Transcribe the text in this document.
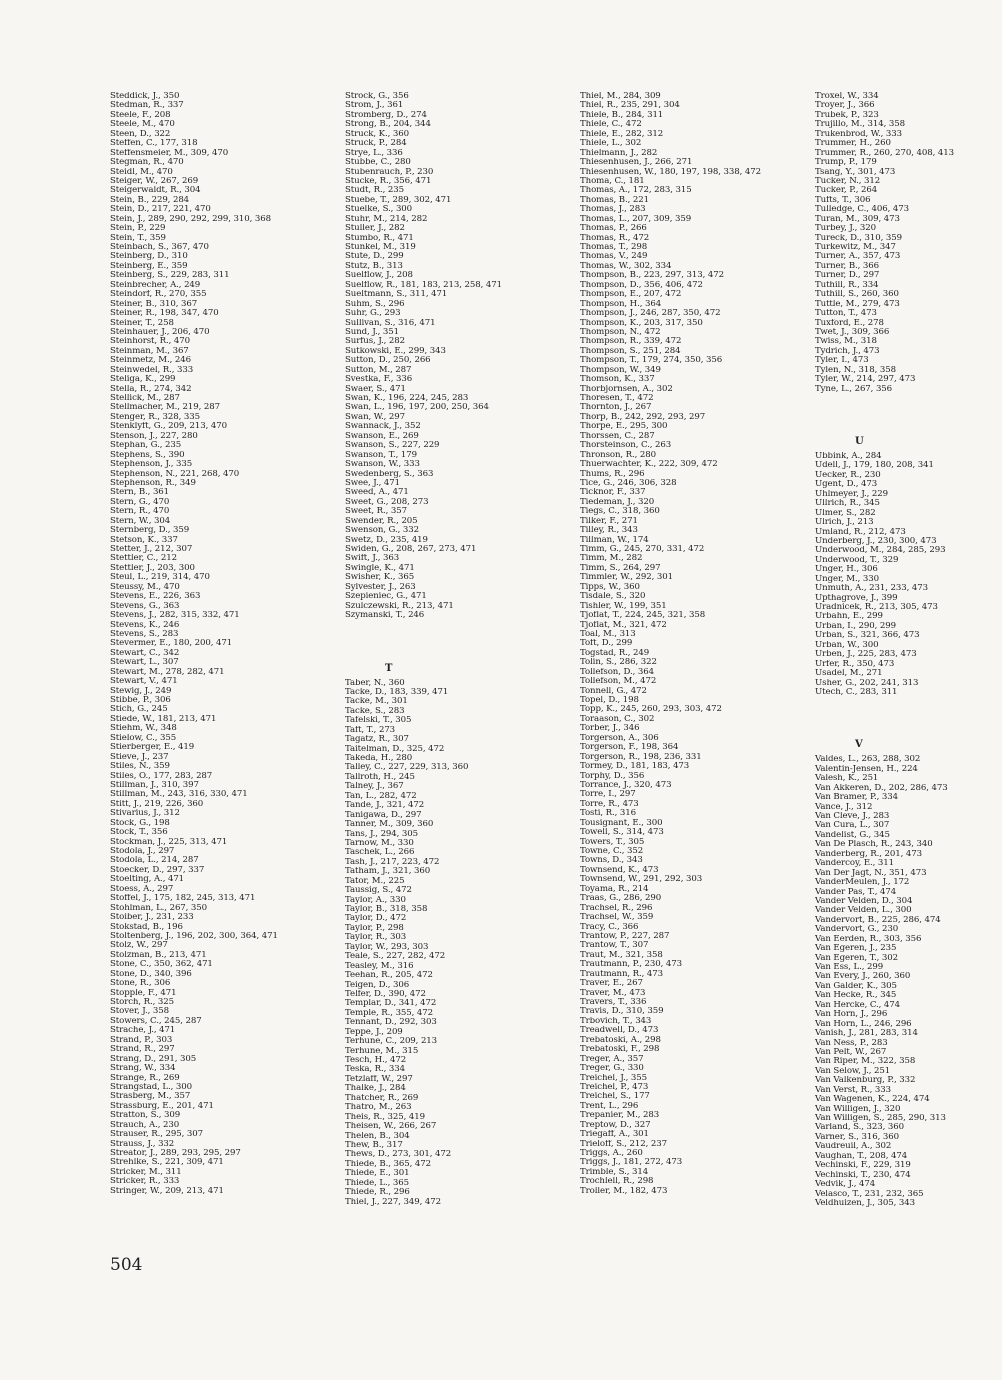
Steddick, J., 350
Stedman, R., 337
Steele, F., 208
Steele, M., 470
Steen, D., 322
Steffen, C., 177, 318
Steffensmeier, M., 309, 470
Stegman, R., 470
Steidl, M., 470
Steiger, W., 267, 269
Steigerwaldt, R., 304
Stein, B., 229, 284
Stein, D., 217, 221, 470
Stein, J., 289, 290, 292, 299, 310, 368
Stein, P., 229
Stein, T., 359
Steinbach, S., 367, 470
Steinberg, D., 310
Steinberg, E., 359
Steinberg, S., 229, 283, 311
Steinbrecher, A., 249
Steindorf, R., 270, 355
Steiner, B., 310, 367
Steiner, R., 198, 347, 470
Steiner, T., 258
Steinhauer, J., 206, 470
Steinhorst, R., 470
Steinman, M., 367
Steinmetz, M., 246
Steinwedel, R., 333
Steliga, K., 299
Stella, R., 274, 342
Stellick, M., 287
Stellmacher, M., 219, 287
Stenger, R., 328, 335
Stenklyft, G., 209, 213, 470
Stenson, J., 227, 280
Stephan, G., 235
Stephens, S., 390
Stephenson, J., 335
Stephenson, N., 221, 268, 470
Stephenson, R., 349
Stern, B., 361
Stern, G., 470
Stern, R., 470
Stern, W., 304
Sternberg, D., 359
Stetson, K., 337
Stetter, J., 212, 307
Stettler, C., 212
Stettler, J., 203, 300
Steul, L., 219, 314, 470
Steussy, M., 470
Stevens, E., 226, 363
Stevens, G., 363
Stevens, J., 282, 315, 332, 471
Stevens, K., 246
Stevens, S., 283
Stevermer, E., 180, 200, 471
Stewart, C., 342
Stewart, L., 307
Stewart, M., 278, 282, 471
Stewart, V., 471
Stewig, J., 249
Stibbe, P., 306
Stich, G., 245
Stiede, W., 181, 213, 471
Stiehm, W., 348
Stielow, C., 355
Stierberger, E., 419
Stieve, J., 237
Stiles, N., 359
Stiles, O., 177, 283, 287
Stillman, J., 310, 397
Stillman, M., 243, 316, 330, 471
Stitt, J., 219, 226, 360
Stivarius, J., 312
Stock, G., 198
Stock, T., 356
Stockman, J., 225, 313, 471
Stodola, J., 297
Stodola, L., 214, 287
Stoecker, D., 297, 337
Stoelting, A., 471
Stoess, A., 297
Stoffel, J., 175, 182, 245, 313, 471
Stohlman, L., 267, 350
Stoiber, J., 231, 233
Stokstad, B., 196
Stoltenberg, J., 196, 202, 300, 364, 471
Stolz, W., 297
Stolzman, B., 213, 471
Stone, C., 350, 362, 471
Stone, D., 340, 396
Stone, R., 306
Stopple, F., 471
Storch, R., 325
Stover, J., 358
Stowers, C., 245, 287
Strache, J., 471
Strand, P., 303
Strand, R., 297
Strang, D., 291, 305
Strang, W., 334
Strange, R., 269
Strangstad, L., 300
Strasberg, M., 357
Strassburg, E., 201, 471
Stratton, S., 309
Strauch, A., 230
Strauser, R., 295, 307
Strauss, J., 332
Streator, J., 289, 293, 295, 297
Strehlke, S., 221, 309, 471
Stricker, M., 311
Stricker, R., 333
Stringer, W., 209, 213, 471
Strock, G., 356
Strom, J., 361
Stromberg, D., 274
Strong, B., 204, 344
Struck, K., 360
Struck, P., 284
Strye, L., 336
Stubbe, C., 280
Stubenrauch, P., 230
Stucke, R., 356, 471
Studt, R., 235
Stuebe, T., 289, 302, 471
Stuelke, S., 300
Stuhr, M., 214, 282
Stuller, J., 282
Stumbo, R., 471
Stunkel, M., 319
Stute, D., 299
Stutz, B., 313
Suelflow, J., 208
Suelflow, R., 181, 183, 213, 258, 471
Sueltmann, S., 311, 471
Suhm, S., 296
Suhr, G., 293
Sullivan, S., 316, 471
Sund, J., 351
Surfus, J., 282
Sutkowski, E., 299, 343
Sutton, D., 250, 266
Sutton, M., 287
Svestka, F., 336
Swaer, S., 471
Swan, K., 196, 224, 245, 283
Swan, L., 196, 197, 200, 250, 364
Swan, W., 297
Swannack, J., 352
Swanson, E., 269
Swanson, S., 227, 229
Swanson, T., 179
Swanson, W., 333
Swedenberg, S., 363
Swee, J., 471
Sweed, A., 471
Sweet, G., 208, 273
Sweet, R., 357
Swender, R., 205
Swenson, G., 332
Swetz, D., 235, 419
Swiden, G., 208, 267, 273, 471
Swift, J., 363
Swingle, K., 471
Swisher, K., 365
Sylvester, J., 263
Szepieniec, G., 471
Szulczewski, R., 213, 471
Szymanski, T., 246
T
Taber, N., 360
Tacke, D., 183, 339, 471
Tacke, M., 301
Tacke, S., 283
Tafelski, T., 305
Taft, T., 273
Tagatz, R., 307
Taitelman, D., 325, 472
Takeda, H., 280
Talley, C., 227, 229, 313, 360
Tallroth, H., 245
Talney, J., 367
Tan, L., 282, 472
Tande, J., 321, 472
Tanigawa, D., 297
Tanner, M., 309, 360
Tans, J., 294, 305
Tarnow, M., 330
Taschek, L., 266
Tash, J., 217, 223, 472
Tatham, J., 321, 360
Tator, M., 225
Taussig, S., 472
Taylor, A., 330
Taylor, B., 318, 358
Taylor, D., 472
Taylor, P., 298
Taylor, R., 303
Taylor, W., 293, 303
Teale, S., 227, 282, 472
Teasley, M., 316
Teehan, R., 205, 472
Teigen, D., 306
Telfer, D., 390, 472
Templar, D., 341, 472
Temple, R., 355, 472
Tennant, D., 292, 303
Teppe, J., 209
Terhune, C., 209, 213
Terhune, M., 315
Tesch, H., 472
Teska, R., 334
Tetzlaff, W., 297
Thalke, J., 284
Thatcher, R., 269
Thatro, M., 263
Theis, R., 325, 419
Theisen, W., 266, 267
Thelen, B., 304
Thew, B., 317
Thews, D., 273, 301, 472
Thiede, B., 365, 472
Thiede, E., 301
Thiede, L., 365
Thiede, R., 296
Thiel, J., 227, 349, 472
Thiel, M., 284, 309
Thiel, R., 235, 291, 304
Thiele, B., 284, 311
Thiele, C., 472
Thiele, E., 282, 312
Thiele, L., 302
Thielmann, J., 282
Thiesenhusen, J., 266, 271
Thiesenhusen, W., 180, 197, 198, 338, 472
Thoma, C., 181
Thomas, A., 172, 283, 315
Thomas, B., 221
Thomas, J., 283
Thomas, L., 207, 309, 359
Thomas, P., 266
Thomas, R., 472
Thomas, T., 298
Thomas, V., 249
Thomas, W., 302, 334
Thompson, B., 223, 297, 313, 472
Thompson, D., 356, 406, 472
Thompson, E., 207, 472
Thompson, H., 364
Thompson, J., 246, 287, 350, 472
Thompson, K., 203, 317, 350
Thompson, N., 472
Thompson, R., 339, 472
Thompson, S., 251, 284
Thompson, T., 179, 274, 350, 356
Thompson, W., 349
Thomson, K., 337
Thorbjornsen, A., 302
Thoresen, T., 472
Thornton, J., 267
Thorp, B., 242, 292, 293, 297
Thorpe, E., 295, 300
Thorssen, C., 287
Thorsteinson, C., 263
Thronson, R., 280
Thuerwachter, K., 222, 309, 472
Thums, R., 296
Tice, G., 246, 306, 328
Ticknor, F., 337
Tiedeman, J., 320
Tiegs, C., 318, 360
Tilker, F., 271
Tilley, R., 343
Tillman, W., 174
Timm, G., 245, 270, 331, 472
Timm, M., 282
Timm, S., 264, 297
Timmler, W., 292, 301
Tipps, W., 360
Tisdale, S., 320
Tishler, W., 199, 351
Tjoflat, T., 224, 245, 321, 358
Tjoflat, M., 321, 472
Toal, M., 313
Toft, D., 299
Togstad, R., 249
Tolin, S., 286, 322
Tollefson, D., 364
Tollefson, M., 472
Tonnell, G., 472
Topel, D., 198
Topp, K., 245, 260, 293, 303, 472
Toraason, C., 302
Torber, J., 346
Torgerson, A., 306
Torgerson, F., 198, 364
Torgerson, R., 198, 236, 331
Tormey, D., 181, 183, 473
Torphy, D., 356
Torrance, J., 320, 473
Torre, I., 297
Torre, R., 473
Tosti, R., 316
Tousignant, E., 300
Towell, S., 314, 473
Towers, T., 305
Towne, C., 352
Towns, D., 343
Townsend, K., 473
Townsend, W., 291, 292, 303
Toyama, R., 214
Traas, G., 286, 290
Trachsel, R., 296
Trachsel, W., 359
Tracy, C., 366
Trantow, P., 227, 287
Trantow, T., 307
Traut, M., 321, 358
Trautmann, P., 230, 473
Trautmann, R., 473
Traver, E., 267
Traver, M., 473
Travers, T., 336
Travis, D., 310, 359
Trbovich, T., 343
Treadwell, D., 473
Trebatoski, A., 298
Trebatoski, F., 298
Treger, A., 357
Treger, G., 330
Treichel, J., 355
Treichel, P., 473
Treichel, S., 177
Trent, L., 296
Trepanier, M., 283
Treptow, D., 327
Triegaff, A., 301
Trieloff, S., 212, 237
Triggs, A., 260
Triggs, J., 181, 272, 473
Trimble, S., 314
Trochlell, R., 298
Troller, M., 182, 473
Troxel, W., 334
Troyer, J., 366
Trubek, P., 323
Trujillo, M., 314, 358
Trukenbrod, W., 333
Trummer, H., 260
Trummer, R., 260, 270, 408, 413
Trump, P., 179
Tsang, Y., 301, 473
Tucker, N., 312
Tucker, P., 264
Tufts, T., 306
Tulledge, C., 406, 473
Turan, M., 309, 473
Turbey, J., 320
Tureck, D., 310, 359
Turkewitz, M., 347
Turner, A., 357, 473
Turner, B., 366
Turner, D., 297
Tuthill, R., 334
Tuthill, S., 260, 360
Tuttle, M., 279, 473
Tutton, T., 473
Tuxford, E., 278
Twet, J., 309, 366
Twiss, M., 318
Tydrich, J., 473
Tyler, I., 473
Tylen, N., 318, 358
Tyler, W., 214, 297, 473
Tyne, L., 267, 356
U
Ubbink, A., 284
Udell, J., 179, 180, 208, 341
Uecker, R., 230
Ugent, D., 473
Uhlmeyer, J., 229
Ullrich, R., 345
Ulmer, S., 282
Ulrich, J., 213
Umland, R., 212, 473
Underberg, J., 230, 300, 473
Underwood, M., 284, 285, 293
Underwood, T., 329
Unger, H., 306
Unger, M., 330
Unmuth, A., 231, 233, 473
Upthagrove, J., 399
Uradnicek, R., 213, 305, 473
Urbahn, E., 299
Urban, I., 290, 299
Urban, S., 321, 366, 473
Urban, W., 300
Urben, J., 225, 283, 473
Urfer, R., 350, 473
Usadel, M., 271
Usher, G., 202, 241, 313
Utech, C., 283, 311
V
Valdes, L., 263, 288, 302
Valentin-Jensen, H., 224
Valesh, K., 251
Van Akkeren, D., 202, 286, 473
Van Bramer, P., 334
Vance, J., 312
Van Cleve, J., 283
Van Cura, L., 307
Vandelist, G., 345
Van De Plasch, R., 243, 340
Vanderberg, R., 201, 473
Vandercoy, E., 311
Van Der Jagt, N., 351, 473
VanderMeulen, J., 172
Vander Pas, T., 474
Vander Velden, D., 304
Vander Velden, L., 300
Vandervort, B., 225, 286, 474
Vandervort, G., 230
Van Eerden, R., 303, 356
Van Egeren, J., 235
Van Egeren, T., 302
Van Ess, L., 299
Van Every, J., 260, 360
Van Galder, K., 305
Van Hecke, R., 345
Van Hercke, C., 474
Van Horn, J., 296
Van Horn, L., 246, 296
Vanish, J., 281, 283, 314
Van Ness, P., 283
Van Pelt, W., 267
Van Riper, M., 322, 358
Van Selow, J., 251
Van Valkenburg, P., 332
Van Verst, R., 333
Van Wagenen, K., 224, 474
Van Willigen, J., 320
Van Willigen, S., 285, 290, 313
Varland, S., 323, 360
Varner, S., 316, 360
Vaudreuil, A., 302
Vaughan, T., 208, 474
Vechinski, F., 229, 319
Vechinski, T., 230, 474
Vedvik, J., 474
Velasco, T., 231, 232, 365
Veldhuizen, J., 305, 343
504
